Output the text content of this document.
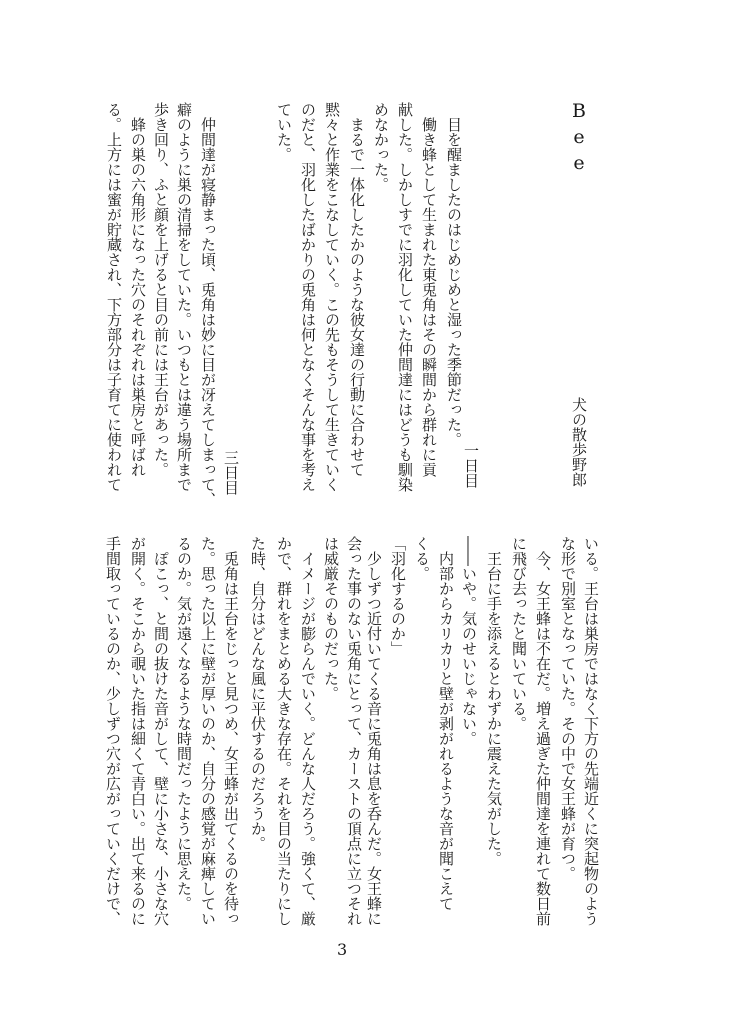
Bee
犬の散歩野郎
一日目
三日目
3
目を醒ましたのはじめじめと湿った季節だった。
働き蜂として生まれた東兎角はその瞬間から群れに貢
献した。しかしすでに羽化していた仲間達にはどうも馴染
めなかった。
まるで一体化したかのような彼女達の行動に合わせて
黙々と作業をこなしていく。この先もそうして生きていく
のだと、羽化したばかりの兎角は何となくそんな事を考え
ていた。
仲間達が寝静まった頃、兎角は妙に目が冴えてしまって、
癖のように巣の清掃をしていた。いつもとは違う場所まで
歩き回り、ふと顔を上げると目の前には王台があった。
蜂の巣の六角形になった穴のそれぞれは巣房と呼ばれ
る。上方には蜜が貯蔵され、下方部分は子育てに使われて
いる。王台は巣房ではなく下方の先端近くに突起物のよう
な形で別室となっていた。その中で女王蜂が育つ。
今、女王蜂は不在だ。増え過ぎた仲間達を連れて数日前
に飛び去ったと聞いている。
王台に手を添えるとわずかに震えた気がした。
――いや。気のせいじゃない。
内部からカリカリと壁が剥がれるような音が聞こえて
くる。
「羽化するのか」
少しずつ近付いてくる音に兎角は息を呑んだ。女王蜂に
会った事のない兎角にとって、カーストの頂点に立つそれ
は威厳そのものだった。
イメージが膨らんでいく。どんな人だろう。強くて、厳
かで、群れをまとめる大きな存在。それを目の当たりにし
た時、自分はどんな風に平伏するのだろうか。
兎角は王台をじっと見つめ、女王蜂が出てくるのを待っ
た。思った以上に壁が厚いのか、自分の感覚が麻痺してい
るのか。気が遠くなるような時間だったように思えた。
ぽこっ、と間の抜けた音がして、壁に小さな、小さな穴
が開く。そこから覗いた指は細くて青白い。出て来るのに
手間取っているのか、少しずつ穴が広がっていくだけで、
